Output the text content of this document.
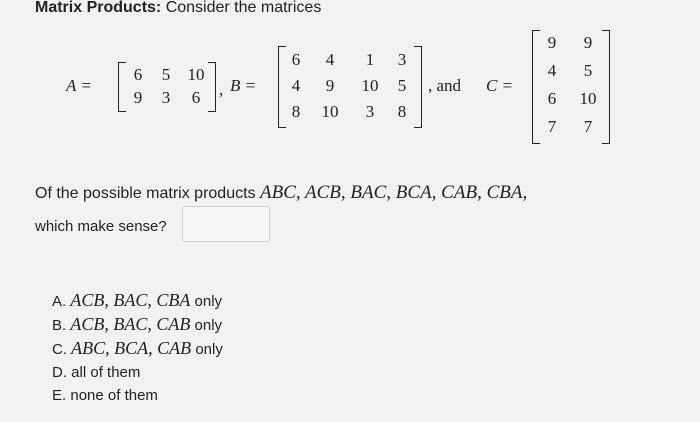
Matrix Products: Consider the matrices
A =
6	5	10
9	3	6	, B =
6	4	1	3
4	9	10	5
8	10	3	8
, and C =
9	9
4	5
6	10
7	7
Of the possible matrix products ABC, ACB, BAC, BCA, CAB, CBA,
which make sense?
A. ACB, BAC, CBA only
B. ACB, BAC, CAB only
C. ABC, BCA, CAB only
D. all of them
E. none of them
